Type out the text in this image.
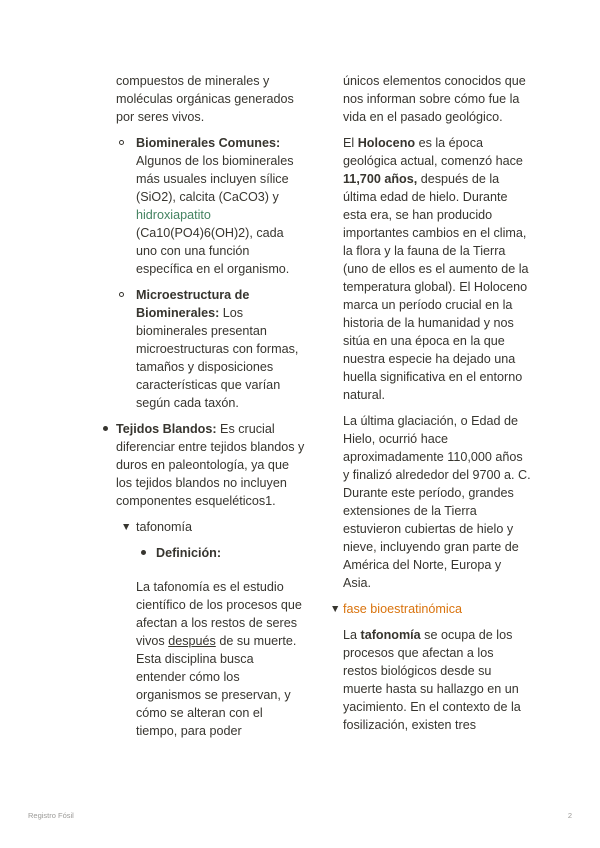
compuestos de minerales y moléculas orgánicas generados por seres vivos.

Biominerales Comunes:
Algunos de los biominerales más usuales incluyen sílice (SiO2), calcita (CaCO3) y hidroxiapatito (Ca10(PO4)6(OH)2), cada uno con una función específica en el organismo.
Microestructura de Biominerales: Los biominerales presentan microestructuras con formas, tamaños y disposiciones características que varían según cada taxón.
Tejidos Blandos: Es crucial diferenciar entre tejidos blandos y duros en paleontología, ya que los tejidos blandos no incluyen componentes esqueléticos1.
▼ tafonomía
Definición:

La tafonomía es el estudio científico de los procesos que afectan a los restos de seres vivos después de su muerte. Esta disciplina busca entender cómo los organismos se preservan, y cómo se alteran con el tiempo, para poder

únicos elementos conocidos que nos informan sobre cómo fue la vida en el pasado geológico.

El Holoceno es la época geológica actual, comenzó hace 11,700 años, después de la última edad de hielo. Durante esta era, se han producido importantes cambios en el clima, la flora y la fauna de la Tierra (uno de ellos es el aumento de la temperatura global). El Holoceno marca un período crucial en la historia de la humanidad y nos sitúa en una época en la que nuestra especie ha dejado una huella significativa en el entorno natural.

La última glaciación, o Edad de Hielo, ocurrió hace aproximadamente 110,000 años y finalizó alrededor del 9700 a. C. Durante este período, grandes extensiones de la Tierra estuvieron cubiertas de hielo y nieve, incluyendo gran parte de América del Norte, Europa y Asia.

▼ fase bioestratinómica

La tafonomía se ocupa de los procesos que afectan a los restos biológicos desde su muerte hasta su hallazgo en un yacimiento. En el contexto de la fosilización, existen tres

Registro Fósil	2
